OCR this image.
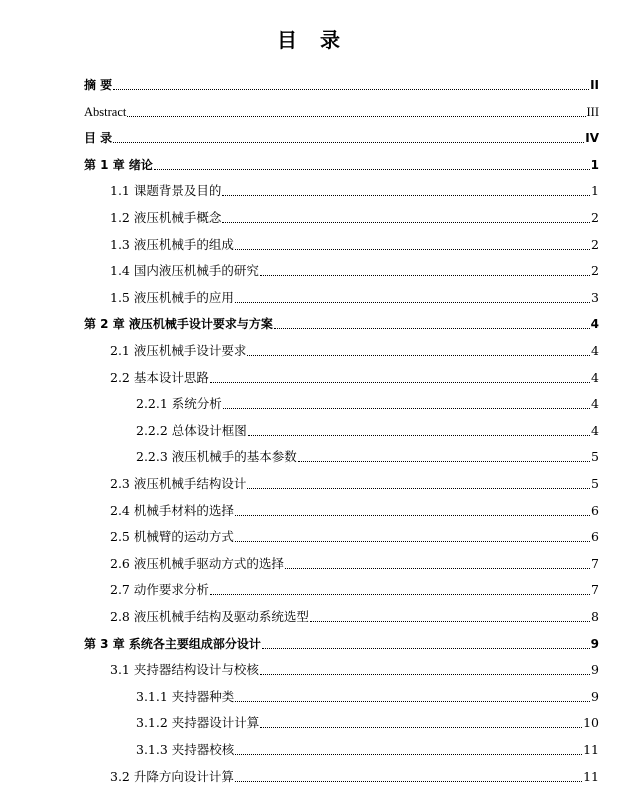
目 录
摘 要	II
Abstract	III
目 录	IV
第 1 章 绪论	1
1.1 课题背景及目的	1
1.2 液压机械手概念	2
1.3 液压机械手的组成	2
1.4 国内液压机械手的研究	2
1.5 液压机械手的应用	3
第 2 章 液压机械手设计要求与方案	4
2.1 液压机械手设计要求	4
2.2 基本设计思路	4
2.2.1 系统分析	4
2.2.2 总体设计框图	4
2.2.3 液压机械手的基本参数	5
2.3 液压机械手结构设计	5
2.4 机械手材料的选择	6
2.5 机械臂的运动方式	6
2.6 液压机械手驱动方式的选择	7
2.7 动作要求分析	7
2.8 液压机械手结构及驱动系统选型	8
第 3 章 系统各主要组成部分设计	9
3.1 夹持器结构设计与校核	9
3.1.1 夹持器种类	9
3.1.2 夹持器设计计算	10
3.1.3 夹持器校核	11
3.2 升降方向设计计算	11
